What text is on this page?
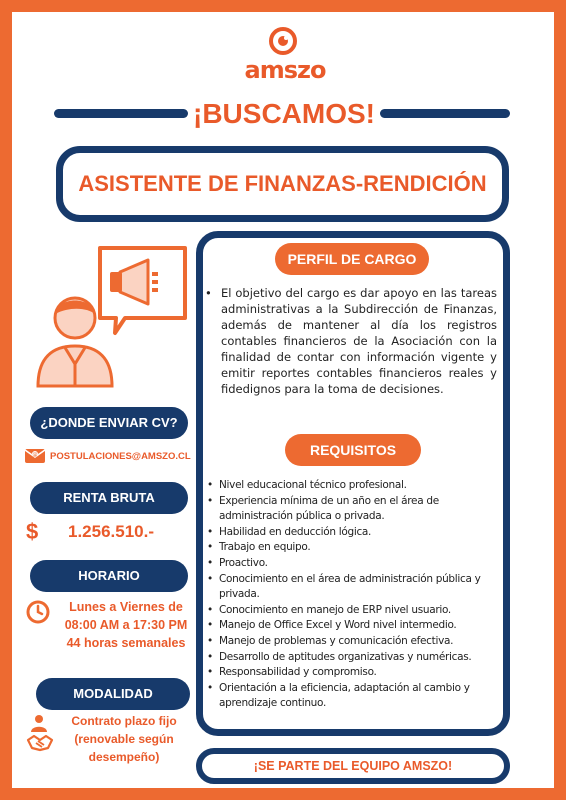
amszo
¡BUSCAMOS!
ASISTENTE DE FINANZAS-RENDICIÓN
¿DONDE ENVIAR CV?
@ POSTULACIONES@AMSZO.CL
RENTA BRUTA
$	1.256.510.-
HORARIO
Lunes a Viernes de
08:00 AM a 17:30 PM
44 horas semanales
MODALIDAD
Contrato plazo fijo
(renovable según
desempeño)
PERFIL DE CARGO
• El objetivo del cargo es dar apoyo en las tareas administrativas a la Subdirección de Finanzas, además de mantener al día los registros contables financieros de la Asociación con la finalidad de contar con información vigente y emitir reportes contables financieros reales y fidedignos para la toma de decisiones.
REQUISITOS
• Nivel educacional técnico profesional.
• Experiencia mínima de un año en el área de administración pública o privada.
• Habilidad en deducción lógica.
• Trabajo en equipo.
• Proactivo.
• Conocimiento en el área de administración pública y privada.
• Conocimiento en manejo de ERP nivel usuario.
• Manejo de Office Excel y Word nivel intermedio.
• Manejo de problemas y comunicación efectiva.
• Desarrollo de aptitudes organizativas y numéricas.
• Responsabilidad y compromiso.
• Orientación a la eficiencia, adaptación al cambio y aprendizaje continuo.
¡SE PARTE DEL EQUIPO AMSZO!
